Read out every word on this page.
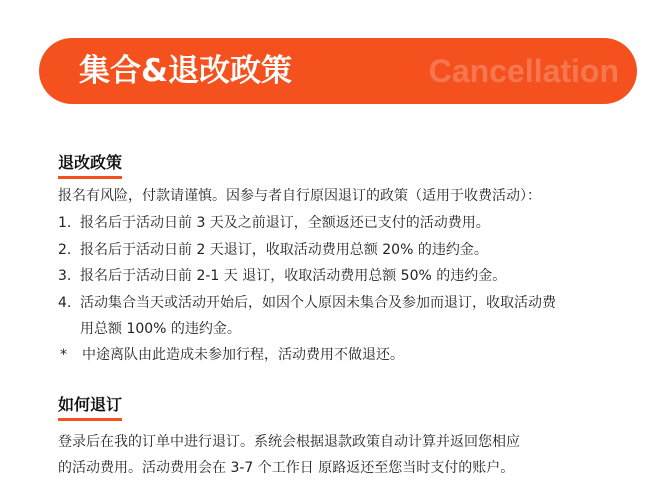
集合&退改政策	Cancellation
退改政策
报名有风险，付款请谨慎。因参与者自行原因退订的政策（适用于收费活动）：
1. 报名后于活动日前 3 天及之前退订，全额返还已支付的活动费用。
2. 报名后于活动日前 2 天退订，收取活动费用总额 20% 的违约金。
3. 报名后于活动日前 2-1 天 退订，收取活动费用总额 50% 的违约金。
4. 活动集合当天或活动开始后，如因个人原因未集合及参加而退订，收取活动费
用总额 100% 的违约金。
* 中途离队由此造成未参加行程，活动费用不做退还。
如何退订
登录后在我的订单中进行退订。系统会根据退款政策自动计算并返回您相应
的活动费用。活动费用会在 3-7 个工作日 原路返还至您当时支付的账户。
